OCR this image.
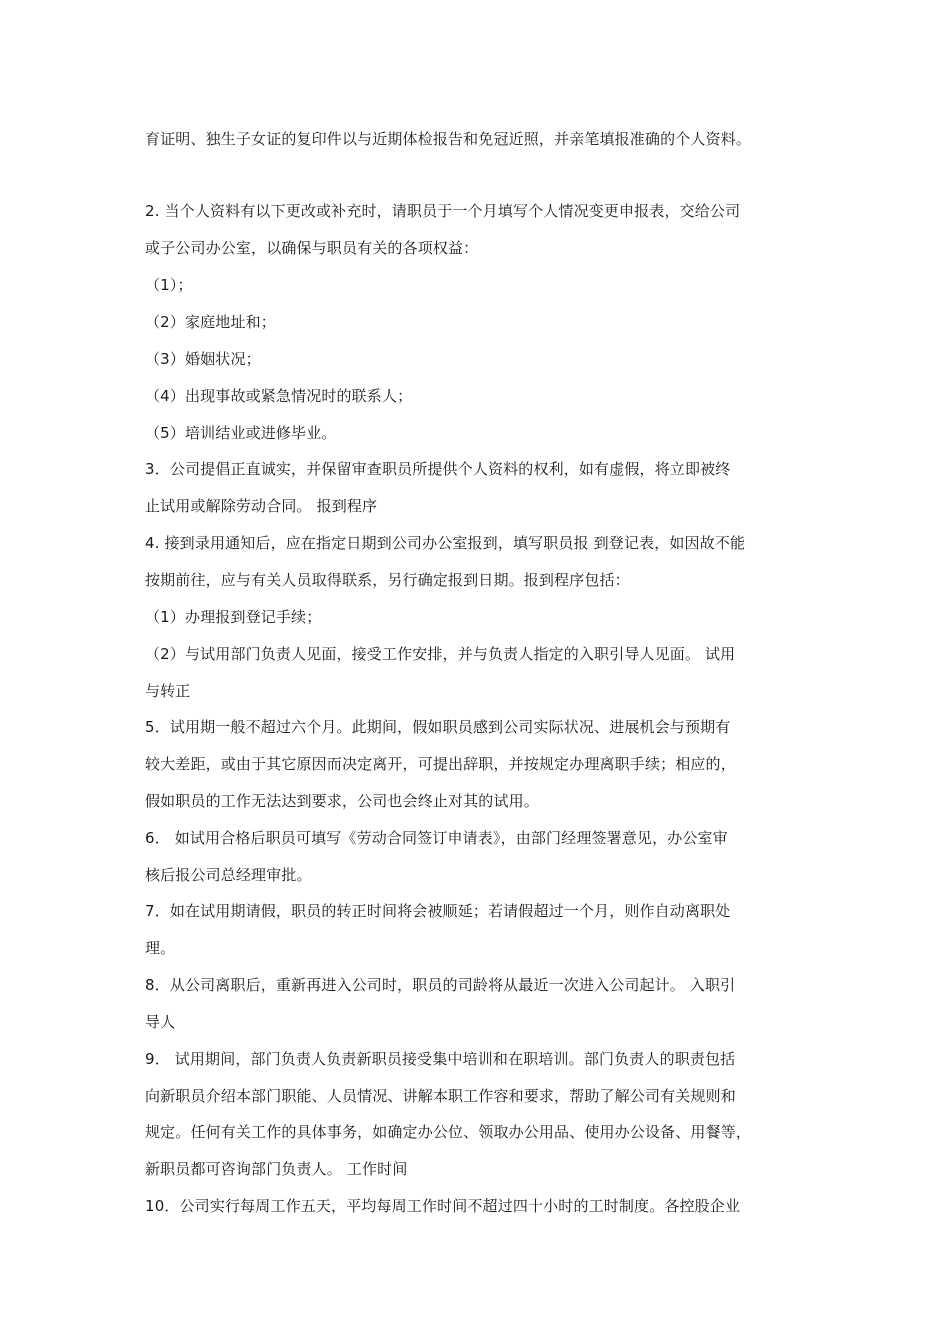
育证明、独生子女证的复印件以与近期体检报告和免冠近照，并亲笔填报准确的个人资料。
2. 当个人资料有以下更改或补充时，请职员于一个月填写个人情况变更申报表，交给公司
或子公司办公室，以确保与职员有关的各项权益：
（1）；
（2）家庭地址和；
（3）婚姻状况；
（4）出现事故或紧急情况时的联系人；
（5）培训结业或进修毕业。
3．公司提倡正直诚实，并保留审查职员所提供个人资料的权利，如有虚假，将立即被终
止试用或解除劳动合同。 报到程序
4. 接到录用通知后，应在指定日期到公司办公室报到，填写职员报 到登记表，如因故不能
按期前往，应与有关人员取得联系，另行确定报到日期。报到程序包括：
（1）办理报到登记手续；
（2）与试用部门负责人见面，接受工作安排，并与负责人指定的入职引导人见面。 试用
与转正
5．试用期一般不超过六个月。此期间，假如职员感到公司实际状况、进展机会与预期有
较大差距，或由于其它原因而决定离开，可提出辞职，并按规定办理离职手续；相应的，
假如职员的工作无法达到要求，公司也会终止对其的试用。
6． 如试用合格后职员可填写《劳动合同签订申请表》，由部门经理签署意见，办公室审
核后报公司总经理审批。
7．如在试用期请假，职员的转正时间将会被顺延；若请假超过一个月，则作自动离职处
理。
8．从公司离职后，重新再进入公司时，职员的司龄将从最近一次进入公司起计。 入职引
导人
9． 试用期间，部门负责人负责新职员接受集中培训和在职培训。部门负责人的职责包括
向新职员介绍本部门职能、人员情况、讲解本职工作容和要求，帮助了解公司有关规则和
规定。任何有关工作的具体事务，如确定办公位、领取办公用品、使用办公设备、用餐等，
新职员都可咨询部门负责人。 工作时间
10．公司实行每周工作五天，平均每周工作时间不超过四十小时的工时制度。各控股企业
